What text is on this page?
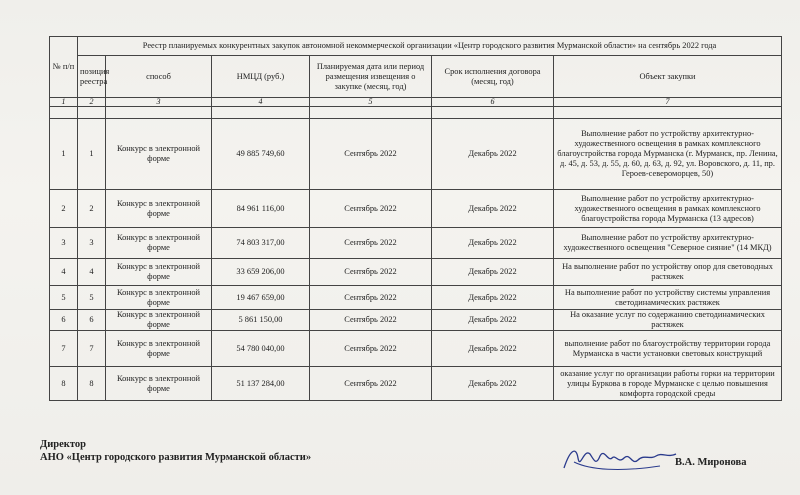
№ п/п	Реестр планируемых конкурентных закупок автономной некоммерческой организации «Центр городского развития Мурманской области» на сентябрь 2022 года					
	позиция реестра	способ	НМЦД (руб.)	Планируемая дата или период размещения извещения о закупке (месяц, год)	Срок исполнения договора (месяц, год)	Объект закупки
1	2	3	4	5	6	7

1	1	Конкурс в электронной форме	49 885 749,60	Сентябрь 2022	Декабрь 2022	Выполнение работ по устройству архитектурно-художественного освещения в рамках комплексного благоустройства города Мурманска (г. Мурманск, пр. Ленина, д. 45, д. 53, д. 55, д. 60, д. 63, д. 92, ул. Воровского, д. 11, пр. Героев-североморцев, 50)
2	2	Конкурс в электронной форме	84 961 116,00	Сентябрь 2022	Декабрь 2022	Выполнение работ по устройству архитектурно-художественного освещения в рамках комплексного благоустройства города Мурманска (13 адресов)
3	3	Конкурс в электронной форме	74 803 317,00	Сентябрь 2022	Декабрь 2022	Выполнение работ по устройству архитектурно-художественного освещения "Северное сияние" (14 МКД)
4	4	Конкурс в электронной форме	33 659 206,00	Сентябрь 2022	Декабрь 2022	На выполнение работ по устройству опор для световодных растяжек
5	5	Конкурс в электронной форме	19 467 659,00	Сентябрь 2022	Декабрь 2022	На выполнение работ по устройству системы управления светодинамических растяжек
6	6	Конкурс в электронной форме	5 861 150,00	Сентябрь 2022	Декабрь 2022	На оказание услуг по содержанию светодинамических растяжек
7	7	Конкурс в электронной форме	54 780 040,00	Сентябрь 2022	Декабрь 2022	выполнение работ по благоустройству территории города Мурманска в части установки световых конструкций
8	8	Конкурс в электронной форме	51 137 284,00	Сентябрь 2022	Декабрь 2022	оказание услуг по организации работы горки на территории улицы Буркова в городе Мурманске с целью повышения комфорта городской среды
Директор
АНО «Центр городского развития Мурманской области»	В.А. Миронова
